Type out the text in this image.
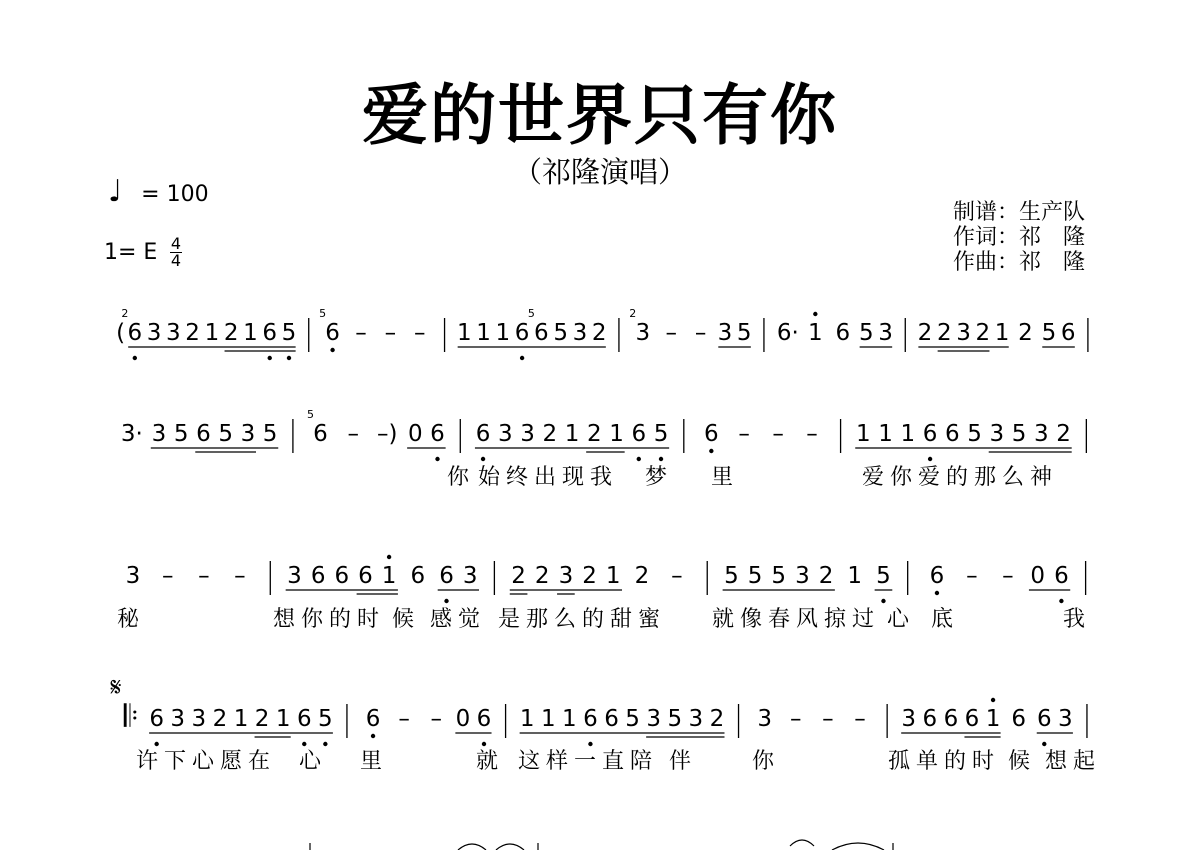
爱的世界只有你
（祁隆演唱）
♩ = 100
1= E 4
4
制谱：生产队
作词：祁　隆
作曲：祁　隆
( 6
2
3 3 2 1 2 1 6 5 6
5
– – – 1 1 1 6 6
5
5 3 2 3
2
– – 3 5 6· 1 6 5 3 2 2 3 2 1 2 5 6
3· 3 5 6 5 3 5 6
5
– –) 0 6 6 3 3 2 1 2 1 6 5 6 – – – 1 1 1 6 6 5 3 5 3 2
你 始终出现我 梦 里	爱你爱的那么神
3 – – – 3 6 6 6 1 6 6 3 2 2 3 2 1 2 – 5 5 5 3 2 1 5 6 – – 0 6
秘	想你的时 候 感觉 是那么的甜蜜 就像春风掠过 心 底	我
𝄋
𝄆 6 3 3 2 1 2 1 6 5 6 – – 0 6 1 1 1 6 6 5 3 5 3 2 3 – – – 3 6 6 6 1 6 6 3
许下心愿在 心 里	就 这样一直陪 伴 你	孤单的时 候 想起
